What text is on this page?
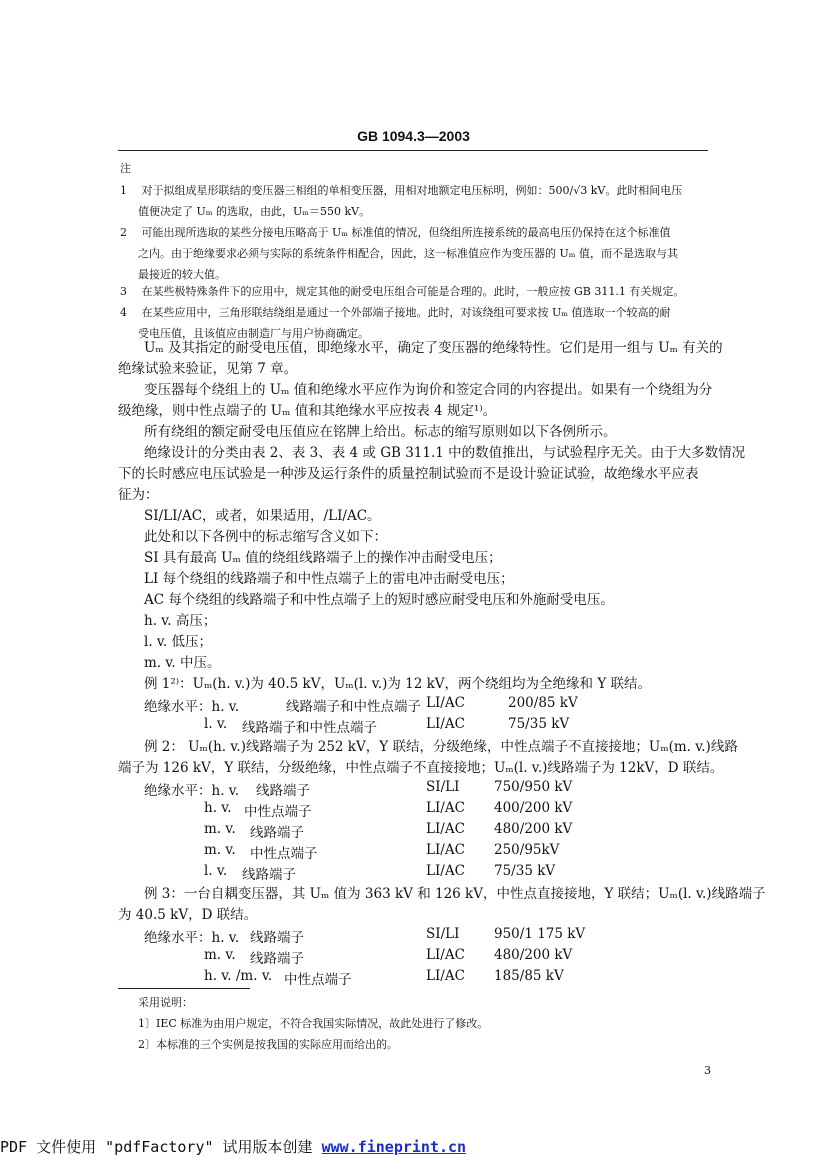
GB 1094.3—2003
注
1 对于拟组成星形联结的变压器三相组的单相变压器，用相对地额定电压标明，例如：500/√3 kV。此时相间电压
值便决定了 Uₘ 的选取，由此，Uₘ＝550 kV。
2 可能出现所选取的某些分接电压略高于 Uₘ 标准值的情况，但绕组所连接系统的最高电压仍保持在这个标准值
之内。由于绝缘要求必须与实际的系统条件相配合，因此，这一标准值应作为变压器的 Uₘ 值，而不是选取与其
最接近的较大值。
3 在某些极特殊条件下的应用中，规定其他的耐受电压组合可能是合理的。此时，一般应按 GB 311.1 有关规定。
4 在某些应用中，三角形联结绕组是通过一个外部端子接地。此时，对该绕组可要求按 Uₘ 值选取一个较高的耐
受电压值，且该值应由制造厂与用户协商确定。
Uₘ 及其指定的耐受电压值，即绝缘水平，确定了变压器的绝缘特性。它们是用一组与 Uₘ 有关的
绝缘试验来验证，见第 7 章。
变压器每个绕组上的 Uₘ 值和绝缘水平应作为询价和签定合同的内容提出。如果有一个绕组为分
级绝缘，则中性点端子的 Uₘ 值和其绝缘水平应按表 4 规定¹⁾。
所有绕组的额定耐受电压值应在铭牌上给出。标志的缩写原则如以下各例所示。
绝缘设计的分类由表 2、表 3、表 4 或 GB 311.1 中的数值推出，与试验程序无关。由于大多数情况
下的长时感应电压试验是一种涉及运行条件的质量控制试验而不是设计验证试验，故绝缘水平应表
征为：
SI/LI/AC，或者，如果适用，/LI/AC。
此处和以下各例中的标志缩写含义如下：
SI 具有最高 Uₘ 值的绕组线路端子上的操作冲击耐受电压；
LI 每个绕组的线路端子和中性点端子上的雷电冲击耐受电压；
AC 每个绕组的线路端子和中性点端子上的短时感应耐受电压和外施耐受电压。
h. v. 高压；
l. v. 低压；
m. v. 中压。
例 1²⁾：Uₘ(h. v.)为 40.5 kV，Uₘ(l. v.)为 12 kV，两个绕组均为全绝缘和 Y 联结。
绝缘水平：h. v.	线路端子和中性点端子 LI/AC	200/85 kV
l. v. 线路端子和中性点端子	LI/AC	75/35 kV
例 2： Uₘ(h. v.)线路端子为 252 kV，Y 联结，分级绝缘，中性点端子不直接接地；Uₘ(m. v.)线路
端子为 126 kV，Y 联结，分级绝缘，中性点端子不直接接地；Uₘ(l. v.)线路端子为 12kV，D 联结。
绝缘水平：h. v. 线路端子	SI/LI	750/950 kV
h. v. 中性点端子	LI/AC 400/200 kV
m. v. 线路端子	LI/AC 480/200 kV
m. v. 中性点端子	LI/AC 250/95kV
l. v. 线路端子	LI/AC 75/35 kV
例 3：一台自耦变压器，其 Uₘ 值为 363 kV 和 126 kV，中性点直接接地，Y 联结；Uₘ(l. v.)线路端子
为 40.5 kV，D 联结。
绝缘水平：h. v. 线路端子	SI/LI	950/1 175 kV
m. v. 线路端子	LI/AC 480/200 kV
h. v. /m. v. 中性点端子	LI/AC 185/85 kV
采用说明：
1〕IEC 标准为由用户规定，不符合我国实际情况，故此处进行了修改。
2〕本标准的三个实例是按我国的实际应用而给出的。
3
PDF 文件使用 "pdfFactory" 试用版本创建 www.fineprint.cn
